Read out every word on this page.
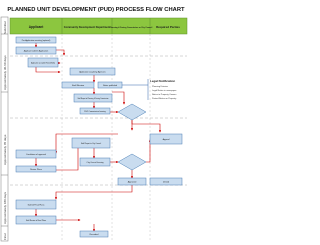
PLANNED UNIT DEVELOPMENT (PUD) PROCESS FLOW CHART
Submittal
Approximately 30-60 days
Approximately 45 days
Approximately 180 days
Final
Applicant	Community Development Department Planning & Zoning Commission or City Council Required Parties
Pre-Application meeting (optional)
Applicant submits Application
Application accepted; Review/Notify
Application sought by Agencies
Staff Review	Notice published
Staff Report to Planning & Zoning Commission
P&Z Commission hearing
Conditions of approval
Revise Plans
Staff Report to City Council
City Council hearing
Appeal
Approved	Denied
Submit Final Plans
Staff Review of Final Plans
Recorded
Legal Notification
Planning Division
Legal Notice in newspaper
Notice to Property Owners
Posted Notice on Property
